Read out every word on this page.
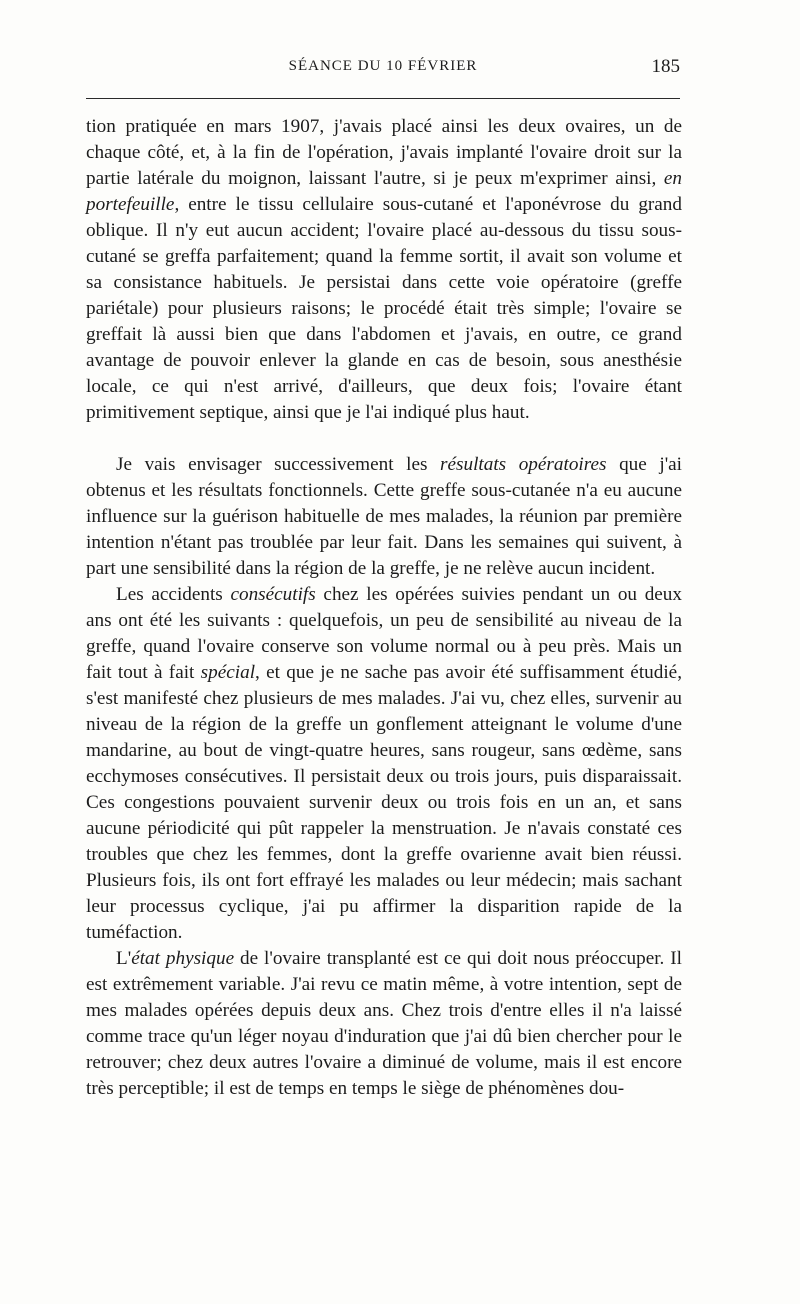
SÉANCE DU 10 FÉVRIER	185

tion pratiquée en mars 1907, j'avais placé ainsi les deux ovaires, un de chaque côté, et, à la fin de l'opération, j'avais implanté l'ovaire droit sur la partie latérale du moignon, laissant l'autre, si je peux m'exprimer ainsi, en portefeuille, entre le tissu cellulaire sous-cutané et l'aponévrose du grand oblique. Il n'y eut aucun accident; l'ovaire placé au-dessous du tissu sous-cutané se greffa parfaitement; quand la femme sortit, il avait son volume et sa consistance habituels. Je persistai dans cette voie opératoire (greffe pariétale) pour plusieurs raisons; le procédé était très simple; l'ovaire se greffait là aussi bien que dans l'abdomen et j'avais, en outre, ce grand avantage de pouvoir enlever la glande en cas de besoin, sous anesthésie locale, ce qui n'est arrivé, d'ailleurs, que deux fois; l'ovaire étant primitivement septique, ainsi que je l'ai indiqué plus haut.

Je vais envisager successivement les résultats opératoires que j'ai obtenus et les résultats fonctionnels. Cette greffe sous-cutanée n'a eu aucune influence sur la guérison habituelle de mes malades, la réunion par première intention n'étant pas troublée par leur fait. Dans les semaines qui suivent, à part une sensibilité dans la région de la greffe, je ne relève aucun incident.

Les accidents consécutifs chez les opérées suivies pendant un ou deux ans ont été les suivants : quelquefois, un peu de sensibilité au niveau de la greffe, quand l'ovaire conserve son volume normal ou à peu près. Mais un fait tout à fait spécial, et que je ne sache pas avoir été suffisamment étudié, s'est manifesté chez plusieurs de mes malades. J'ai vu, chez elles, survenir au niveau de la région de la greffe un gonflement atteignant le volume d'une mandarine, au bout de vingt-quatre heures, sans rougeur, sans œdème, sans ecchymoses consécutives. Il persistait deux ou trois jours, puis disparaissait. Ces congestions pouvaient survenir deux ou trois fois en un an, et sans aucune périodicité qui pût rappeler la menstruation. Je n'avais constaté ces troubles que chez les femmes, dont la greffe ovarienne avait bien réussi. Plusieurs fois, ils ont fort effrayé les malades ou leur médecin; mais sachant leur processus cyclique, j'ai pu affirmer la disparition rapide de la tuméfaction.

L'état physique de l'ovaire transplanté est ce qui doit nous préoccuper. Il est extrêmement variable. J'ai revu ce matin même, à votre intention, sept de mes malades opérées depuis deux ans. Chez trois d'entre elles il n'a laissé comme trace qu'un léger noyau d'induration que j'ai dû bien chercher pour le retrouver; chez deux autres l'ovaire a diminué de volume, mais il est encore très perceptible; il est de temps en temps le siège de phénomènes dou-
